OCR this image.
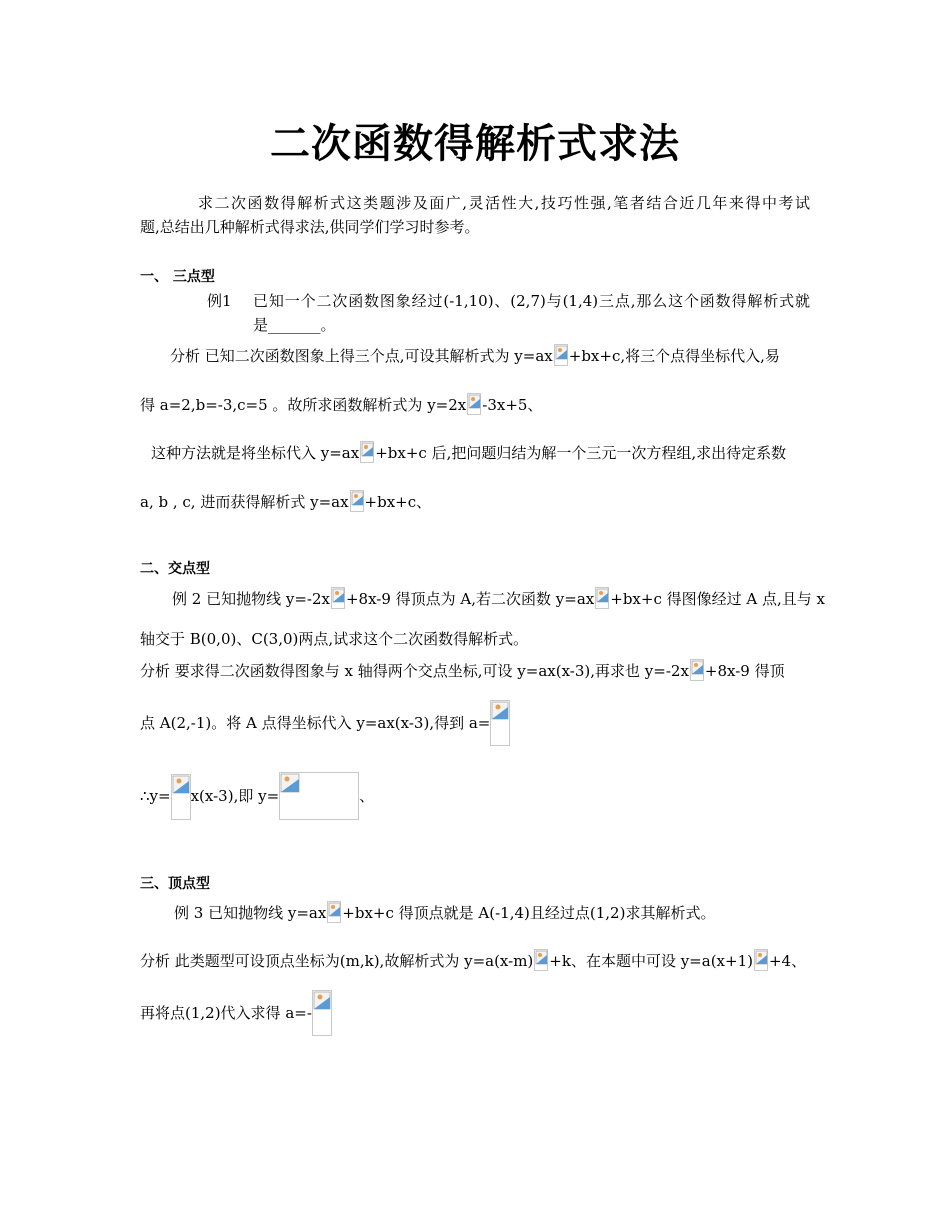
二次函数得解析式求法
求二次函数得解析式这类题涉及面广,灵活性大,技巧性强,笔者结合近几年来得中考试
题,总结出几种解析式得求法,供同学们学习时参考。
一、 三点型
例1 已知一个二次函数图象经过(-1,10)、(2,7)与(1,4)三点,那么这个函数得解析式就
是_______。
分析 已知二次函数图象上得三个点,可设其解析式为 y=ax +bx+c,将三个点得坐标代入,易
得 a=2,b=-3,c=5 。故所求函数解析式为 y=2x -3x+5、
这种方法就是将坐标代入 y=ax +bx+c 后,把问题归结为解一个三元一次方程组,求出待定系数
a, b , c, 进而获得解析式 y=ax +bx+c、
二、交点型
例 2 已知抛物线 y=-2x +8x-9 得顶点为 A,若二次函数 y=ax +bx+c 得图像经过 A 点,且与 x
轴交于 B(0,0)、C(3,0)两点,试求这个二次函数得解析式。
分析 要求得二次函数得图象与 x 轴得两个交点坐标,可设 y=ax(x-3),再求也 y=-2x +8x-9 得顶
点 A(2,-1)。将 A 点得坐标代入 y=ax(x-3),得到 a=
∴y= x(x-3),即 y=	、
三、顶点型
例 3 已知抛物线 y=ax +bx+c 得顶点就是 A(-1,4)且经过点(1,2)求其解析式。
分析 此类题型可设顶点坐标为(m,k),故解析式为 y=a(x-m) +k、在本题中可设 y=a(x+1) +4、
再将点(1,2)代入求得 a=-
